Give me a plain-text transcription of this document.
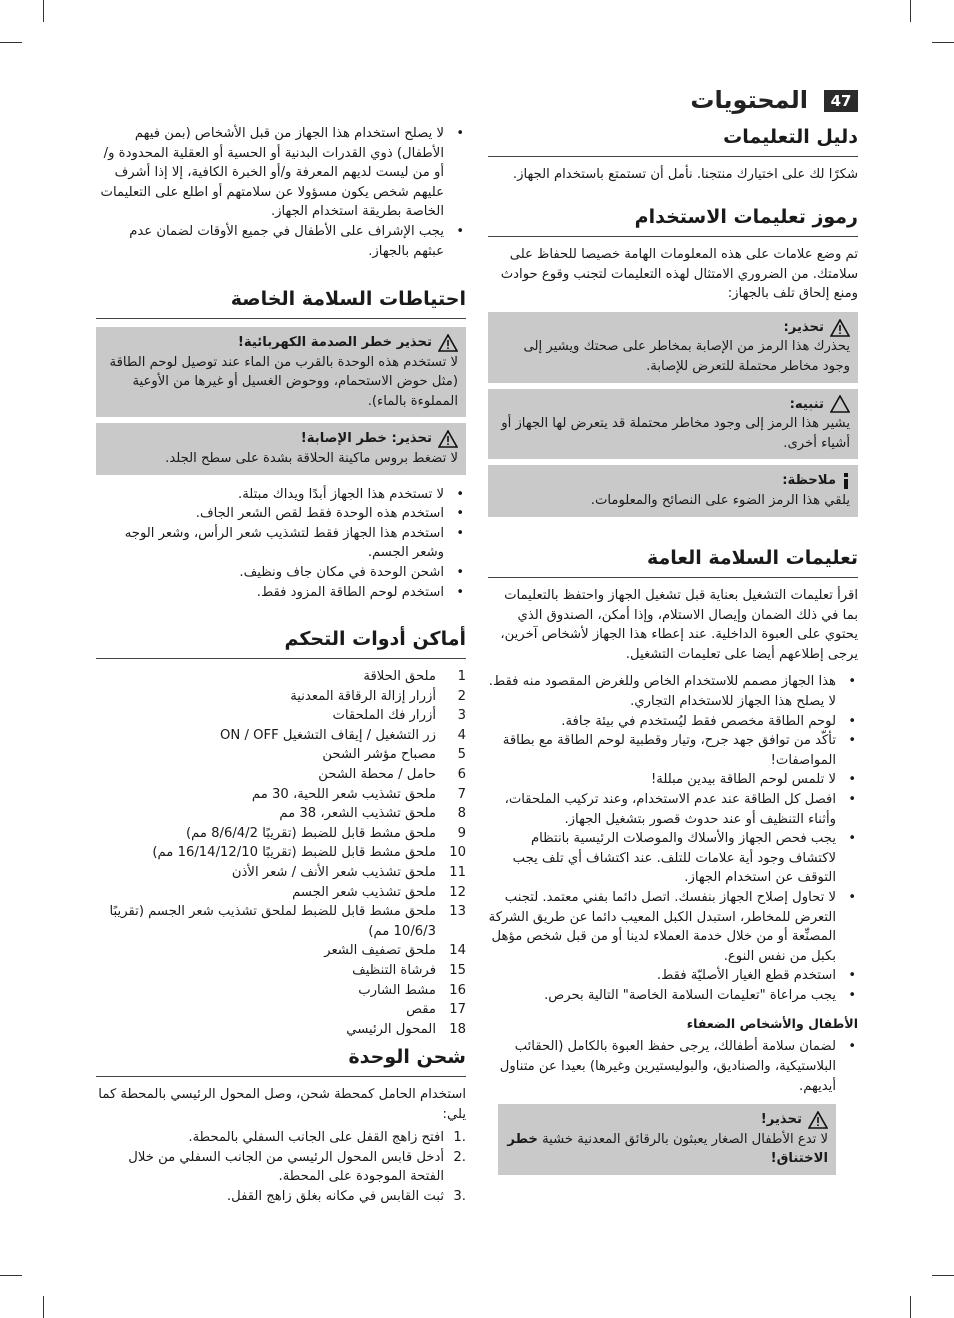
47
المحتويات
دليل التعليمات

شكرًا لك على اختيارك منتجنا. نأمل أن تستمتع باستخدام الجهاز.

رموز تعليمات الاستخدام

تم وضع علامات على هذه المعلومات الهامة خصيصا للحفاظ على سلامتك. من الضروري الامتثال لهذه التعليمات لتجنب وقوع حوادث ومنع إلحاق تلف بالجهاز:

تحذير:

يحذرك هذا الرمز من الإصابة بمخاطر على صحتك ويشير إلى وجود مخاطر محتملة للتعرض للإصابة.

تنبيه:

يشير هذا الرمز إلى وجود مخاطر محتملة قد يتعرض لها الجهاز أو أشياء أخرى.

ملاحظة:

يلقي هذا الرمز الضوء على النصائح والمعلومات.

تعليمات السلامة العامة

اقرأ تعليمات التشغيل بعناية قبل تشغيل الجهاز واحتفظ بالتعليمات بما في ذلك الضمان وإيصال الاستلام، وإذا أمكن، الصندوق الذي يحتوي على العبوة الداخلية. عند إعطاء هذا الجهاز لأشخاص آخرين، يرجى إطلاعهم أيضا على تعليمات التشغيل.

• هذا الجهاز مصمم للاستخدام الخاص وللغرض المقصود منه فقط. لا يصلح هذا الجهاز للاستخدام التجاري.
• لوحم الطاقة مخصص فقط ليُستخدم في بيئة جافة.
• تأكّد من توافق جهد جرح، وتيار وقطبية لوحم الطاقة مع بطاقة المواصفات!
• لا تلمس لوحم الطاقة بيدين مبللة!
• افصل كل الطاقة عند عدم الاستخدام، وعند تركيب الملحقات، وأثناء التنظيف أو عند حدوث قصور بتشغيل الجهاز.
• يجب فحص الجهاز والأسلاك والموصلات الرئيسية بانتظام لاكتشاف وجود أية علامات للتلف. عند اكتشاف أي تلف يجب التوقف عن استخدام الجهاز.
• لا تحاول إصلاح الجهاز بنفسك. اتصل دائما بفني معتمد. لتجنب التعرض للمخاطر، استبدل الكبل المعيب دائما عن طريق الشركة المصنِّعة أو من خلال خدمة العملاء لدينا أو من قبل شخص مؤهل بكبل من نفس النوع.
• استخدم قطع الغيار الأصليّة فقط.
• يجب مراعاة "تعليمات السلامة الخاصة" التالية بحرص.
الأطفال والأشخاص الضعفاء
• لضمان سلامة أطفالك، يرجى حفظ العبوة بالكامل (الحقائب البلاستيكية، والصناديق، والبوليستيرين وغيرها) بعيدا عن متناول أيديهم.
تحذير!

لا تدع الأطفال الصغار يعبثون بالرقائق المعدنية خشية خطر الاختناق!

• لا يصلح استخدام هذا الجهاز من قبل الأشخاص (بمن فيهم الأطفال) ذوي القدرات البدنية أو الحسية أو العقلية المحدودة و/أو من ليست لديهم المعرفة و/أو الخبرة الكافية، إلا إذا أشرف عليهم شخص يكون مسؤولا عن سلامتهم أو اطلع على التعليمات الخاصة بطريقة استخدام الجهاز.
• يجب الإشراف على الأطفال في جميع الأوقات لضمان عدم عبثهم بالجهاز.
احتياطات السلامة الخاصة
تحذير خطر الصدمة الكهربائية!

لا تستخدم هذه الوحدة بالقرب من الماء عند توصيل لوحم الطاقة (مثل حوض الاستحمام، ووحوض الغسيل أو غيرها من الأوعية المملوءة بالماء).

تحذير: خطر الإصابة!

لا تضغط بروس ماكينة الحلاقة بشدة على سطح الجلد.

• لا تستخدم هذا الجهاز أبدًا ويداك مبتلة.
• استخدم هذه الوحدة فقط لقص الشعر الجاف.
• استخدم هذا الجهاز فقط لتشذيب شعر الرأس، وشعر الوجه وشعر الجسم.
• اشحن الوحدة في مكان جاف ونظيف.
• استخدم لوحم الطاقة المزود فقط.
أماكن أدوات التحكم
1
ملحق الحلاقة
2
أزرار إزالة الرقاقة المعدنية
3
أزرار فك الملحقات
4
زر التشغيل / إيقاف التشغيل ON / OFF
5
مصباح مؤشر الشحن
6
حامل / محطة الشحن
7
ملحق تشذيب شعر اللحية، 30 مم
8
ملحق تشذيب الشعر، 38 مم
9
ملحق مشط قابل للضبط (تقريبًا 8/6/4/2 مم)
10
ملحق مشط قابل للضبط (تقريبًا 16/14/12/10 مم)
11
ملحق تشذيب شعر الأنف / شعر الأذن
12
ملحق تشذيب شعر الجسم
13
ملحق مشط قابل للضبط لملحق تشذيب شعر الجسم (تقريبًا 10/6/3 مم)
14
ملحق تصفيف الشعر
15
فرشاة التنظيف
16
مشط الشارب
17
مقص
18
المحول الرئيسي
شحن الوحدة

استخدام الحامل كمحطة شحن، وصل المحول الرئيسي بالمحطة كما يلي:

1.
افتح زاهج القفل على الجانب السفلي بالمحطة.
2.
أدخل قابس المحول الرئيسي من الجانب السفلي من خلال الفتحة الموجودة على المحطة.
3.
ثبت القابس في مكانه بغلق زاهج القفل.
